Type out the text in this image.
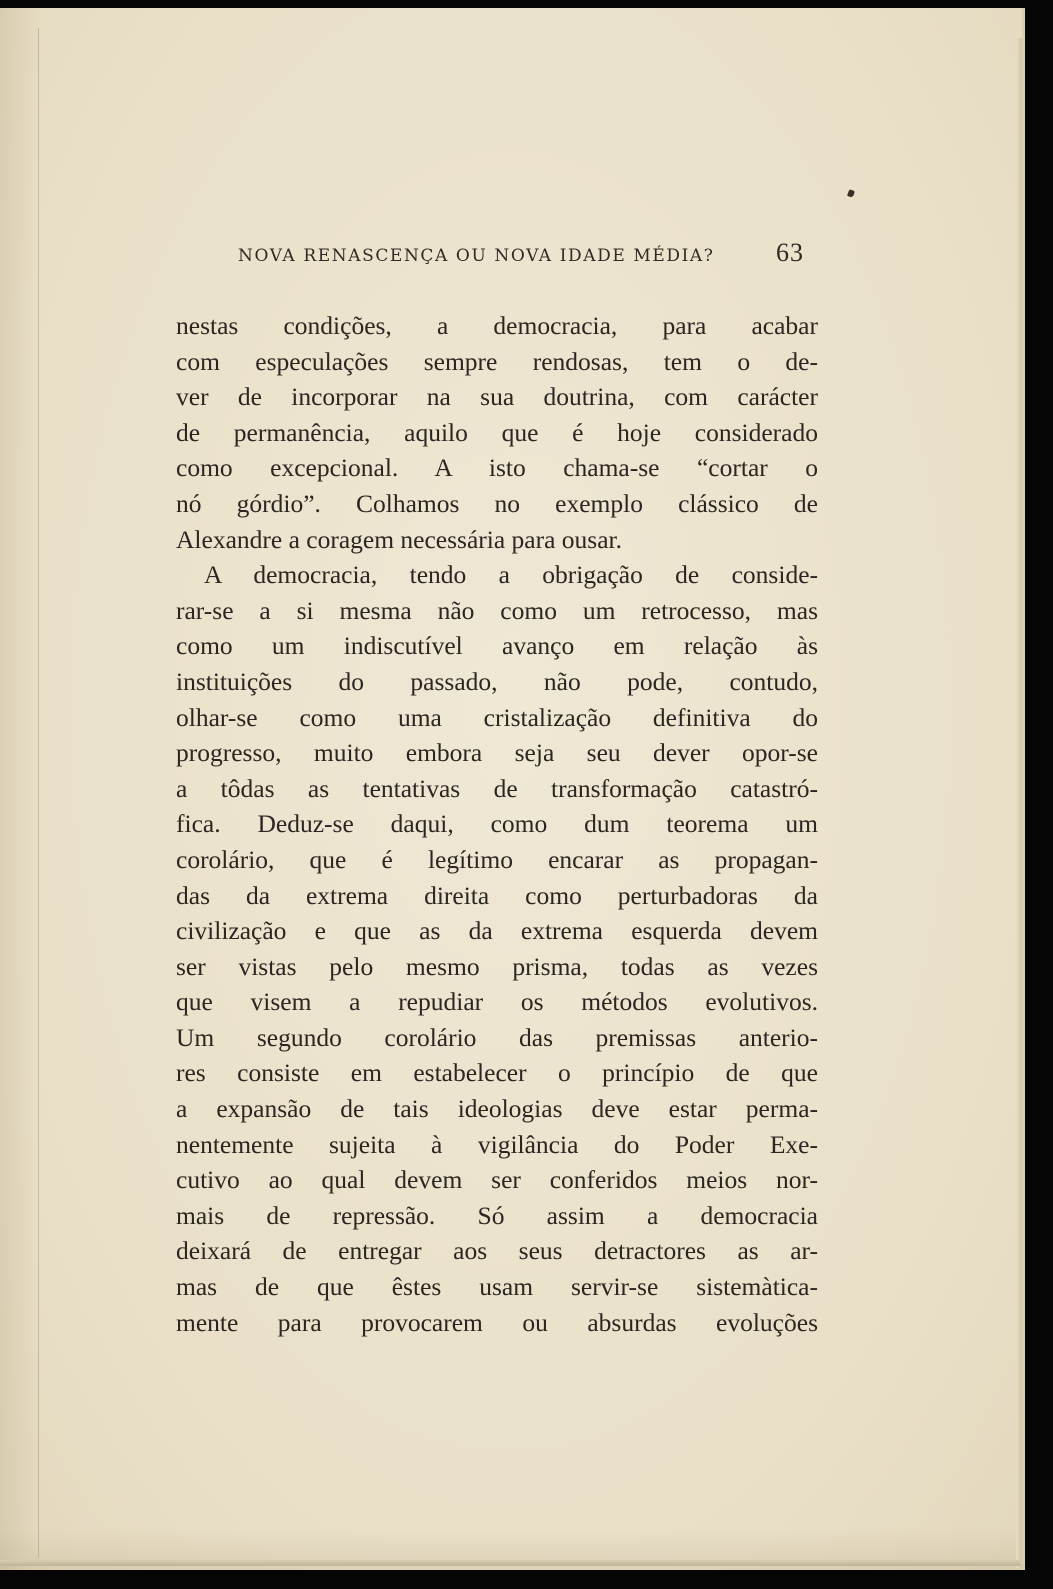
NOVA RENASCENÇA OU NOVA IDADE MÉDIA? 63
nestas condições, a democracia, para acabar
com especulações sempre rendosas, tem o de-
ver de incorporar na sua doutrina, com carácter
de permanência, aquilo que é hoje considerado
como excepcional. A isto chama-se “cortar o
nó górdio”. Colhamos no exemplo clássico de
Alexandre a coragem necessária para ousar.
A democracia, tendo a obrigação de conside-
rar-se a si mesma não como um retrocesso, mas
como um indiscutível avanço em relação às
instituições do passado, não pode, contudo,
olhar-se como uma cristalização definitiva do
progresso, muito embora seja seu dever opor-se
a tôdas as tentativas de transformação catastró-
fica. Deduz-se daqui, como dum teorema um
corolário, que é legítimo encarar as propagan-
das da extrema direita como perturbadoras da
civilização e que as da extrema esquerda devem
ser vistas pelo mesmo prisma, todas as vezes
que visem a repudiar os métodos evolutivos.
Um segundo corolário das premissas anterio-
res consiste em estabelecer o princípio de que
a expansão de tais ideologias deve estar perma-
nentemente sujeita à vigilância do Poder Exe-
cutivo ao qual devem ser conferidos meios nor-
mais de repressão. Só assim a democracia
deixará de entregar aos seus detractores as ar-
mas de que êstes usam servir-se sistemàtica-
mente para provocarem ou absurdas evoluções
